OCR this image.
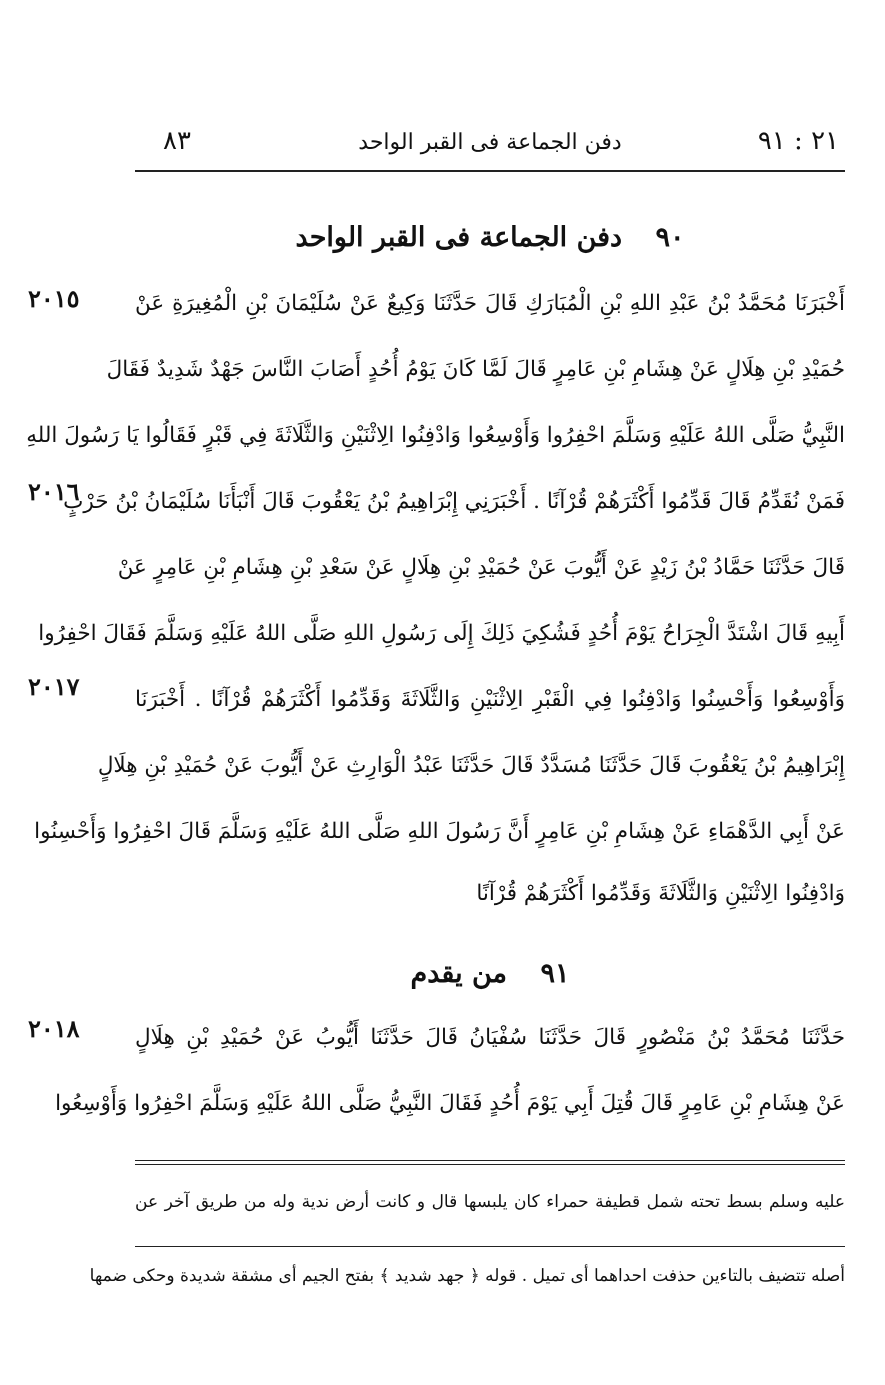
٢١ : ٩١
دفن الجماعة فى القبر الواحد
٨٣
٩٠ دفن الجماعة فى القبر الواحد
٢٠١٥
٢٠١٦
٢٠١٧
أَخْبَرَنَا مُحَمَّدُ بْنُ عَبْدِ اللهِ بْنِ الْمُبَارَكِ قَالَ حَدَّثَنَا وَكِيعٌ عَنْ سُلَيْمَانَ بْنِ الْمُغِيرَةِ عَنْ
حُمَيْدِ بْنِ هِلَالٍ عَنْ هِشَامِ بْنِ عَامِرٍ قَالَ لَمَّا كَانَ يَوْمُ أُحُدٍ أَصَابَ النَّاسَ جَهْدٌ شَدِيدٌ فَقَالَ
النَّبِيُّ صَلَّى اللهُ عَلَيْهِ وَسَلَّمَ احْفِرُوا وَأَوْسِعُوا وَادْفِنُوا الِاثْنَيْنِ وَالثَّلَاثَةَ فِي قَبْرٍ فَقَالُوا يَا رَسُولَ اللهِ
فَمَنْ نُقَدِّمُ قَالَ قَدِّمُوا أَكْثَرَهُمْ قُرْآنًا . أَخْبَرَنِي إِبْرَاهِيمُ بْنُ يَعْقُوبَ قَالَ أَنْبَأَنَا سُلَيْمَانُ بْنُ حَرْبٍ
قَالَ حَدَّثَنَا حَمَّادُ بْنُ زَيْدٍ عَنْ أَيُّوبَ عَنْ حُمَيْدِ بْنِ هِلَالٍ عَنْ سَعْدِ بْنِ هِشَامِ بْنِ عَامِرٍ عَنْ
أَبِيهِ قَالَ اشْتَدَّ الْجِرَاحُ يَوْمَ أُحُدٍ فَشُكِيَ ذَلِكَ إِلَى رَسُولِ اللهِ صَلَّى اللهُ عَلَيْهِ وَسَلَّمَ فَقَالَ احْفِرُوا
وَأَوْسِعُوا وَأَحْسِنُوا وَادْفِنُوا فِي الْقَبْرِ الِاثْنَيْنِ وَالثَّلَاثَةَ وَقَدِّمُوا أَكْثَرَهُمْ قُرْآنًا . أَخْبَرَنَا
إِبْرَاهِيمُ بْنُ يَعْقُوبَ قَالَ حَدَّثَنَا مُسَدَّدٌ قَالَ حَدَّثَنَا عَبْدُ الْوَارِثِ عَنْ أَيُّوبَ عَنْ حُمَيْدِ بْنِ هِلَالٍ
عَنْ أَبِي الدَّهْمَاءِ عَنْ هِشَامِ بْنِ عَامِرٍ أَنَّ رَسُولَ اللهِ صَلَّى اللهُ عَلَيْهِ وَسَلَّمَ قَالَ احْفِرُوا وَأَحْسِنُوا
وَادْفِنُوا الِاثْنَيْنِ وَالثَّلَاثَةَ وَقَدِّمُوا أَكْثَرَهُمْ قُرْآنًا
٩١ من يقدم
٢٠١٨	حَدَّثَنَا مُحَمَّدُ بْنُ مَنْصُورٍ قَالَ حَدَّثَنَا سُفْيَانُ قَالَ حَدَّثَنَا أَيُّوبُ عَنْ حُمَيْدِ بْنِ هِلَالٍ
عَنْ هِشَامِ بْنِ عَامِرٍ قَالَ قُتِلَ أَبِي يَوْمَ أُحُدٍ فَقَالَ النَّبِيُّ صَلَّى اللهُ عَلَيْهِ وَسَلَّمَ احْفِرُوا وَأَوْسِعُوا
عليه وسلم بسط تحته شمل قطيفة حمراء كان يلبسها قال و كانت أرض ندية وله من طريق آخر عن
أصله تتضيف بالتاءين حذفت احداهما أى تميل . قوله ﴿ جهد شديد ﴾ بفتح الجيم أى مشقة شديدة وحكى ضمها
